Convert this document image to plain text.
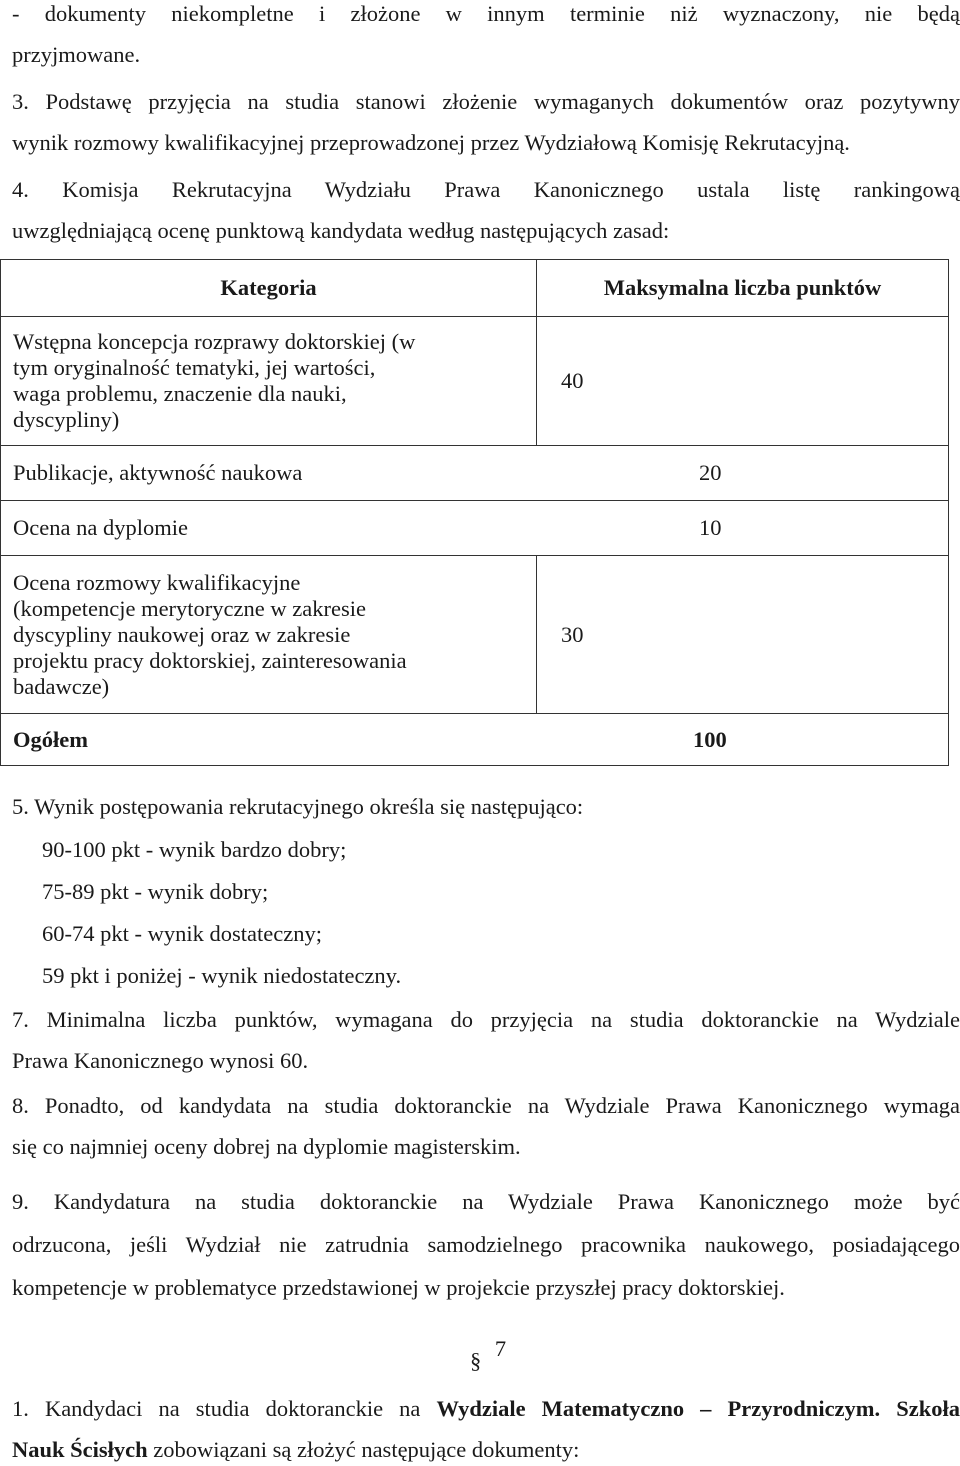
- dokumenty niekompletne i złożone w innym terminie niż wyznaczony, nie będą
przyjmowane.
3. Podstawę przyjęcia na studia stanowi złożenie wymaganych dokumentów oraz pozytywny
wynik rozmowy kwalifikacyjnej przeprowadzonej przez Wydziałową Komisję Rekrutacyjną.
4. Komisja Rekrutacyjna Wydziału Prawa Kanonicznego ustala listę rankingową
uwzględniającą ocenę punktową kandydata według następujących zasad:
Kategoria	Maksymalna liczba punktów

Wstępna koncepcja rozprawy doktorskiej (w
tym oryginalność tematyki, jej wartości,
waga problemu, znaczenie dla nauki,
dyscypliny)	40
Publikacje, aktywność naukowa 20	
Ocena na dyplomie 10	

Ocena rozmowy kwalifikacyjne
(kompetencje merytoryczne w zakresie
dyscypliny naukowej oraz w zakresie
projektu pracy doktorskiej, zainteresowania
badawcze)	30
Ogółem 100	
5. Wynik postępowania rekrutacyjnego określa się następująco:
90-100 pkt - wynik bardzo dobry;
75-89 pkt - wynik dobry;
60-74 pkt - wynik dostateczny;
59 pkt i poniżej - wynik niedostateczny.
7. Minimalna liczba punktów, wymagana do przyjęcia na studia doktoranckie na Wydziale
Prawa Kanonicznego wynosi 60.
8. Ponadto, od kandydata na studia doktoranckie na Wydziale Prawa Kanonicznego wymaga
się co najmniej oceny dobrej na dyplomie magisterskim.
9. Kandydatura na studia doktoranckie na Wydziale Prawa Kanonicznego może być
odrzucona, jeśli Wydział nie zatrudnia samodzielnego pracownika naukowego, posiadającego
kompetencje w problematyce przedstawionej w projekcie przyszłej pracy doktorskiej.
§ 7
1. Kandydaci na studia doktoranckie na Wydziale Matematyczno – Przyrodniczym. Szkoła
Nauk Ścisłych zobowiązani są złożyć następujące dokumenty:
